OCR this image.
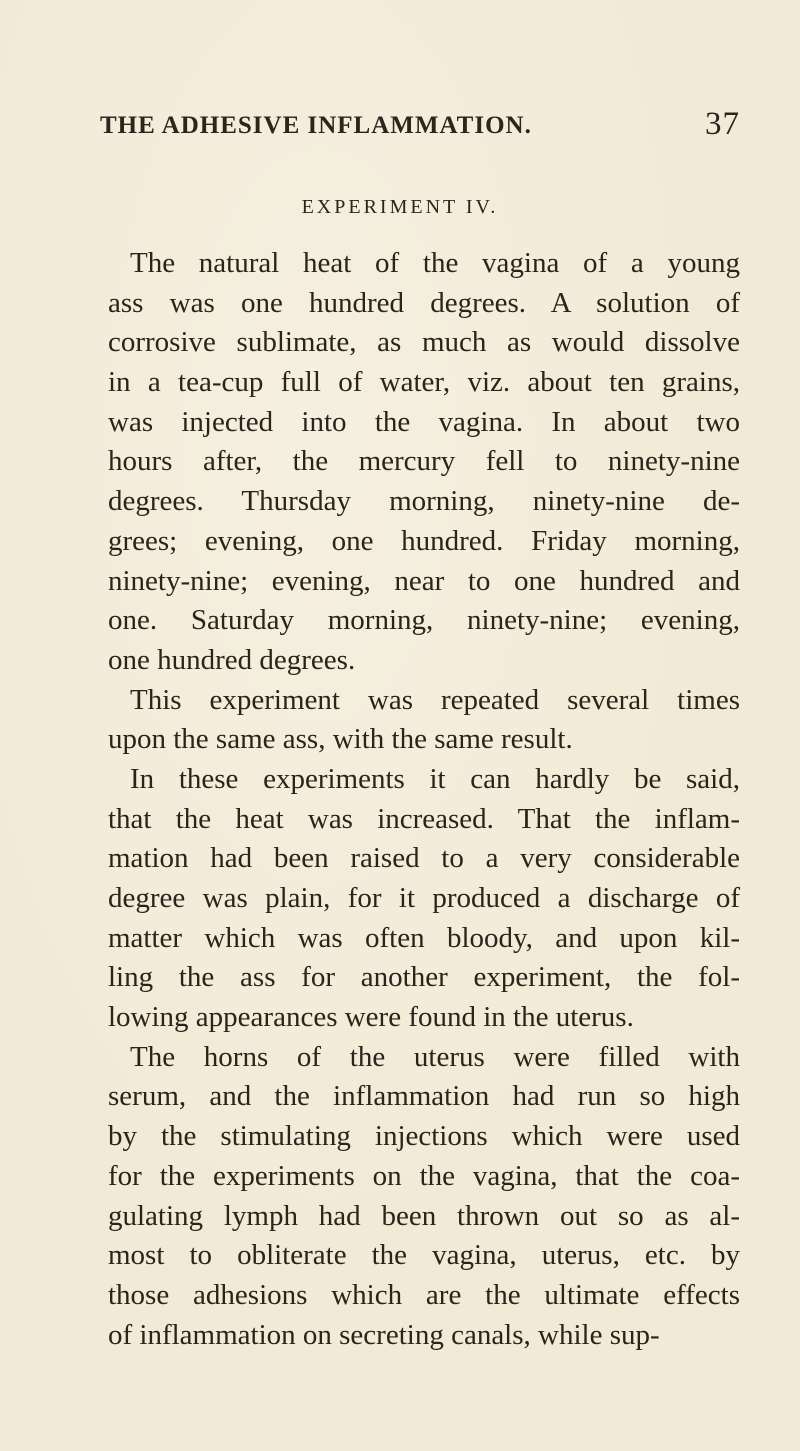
THE ADHESIVE INFLAMMATION.	37
EXPERIMENT IV.
The natural heat of the vagina of a young
ass was one hundred degrees. A solution of
corrosive sublimate, as much as would dissolve
in a tea-cup full of water, viz. about ten grains,
was injected into the vagina. In about two
hours after, the mercury fell to ninety-nine
degrees. Thursday morning, ninety-nine de-
grees; evening, one hundred. Friday morning,
ninety-nine; evening, near to one hundred and
one. Saturday morning, ninety-nine; evening,
one hundred degrees.
This experiment was repeated several times
upon the same ass, with the same result.
In these experiments it can hardly be said,
that the heat was increased. That the inflam-
mation had been raised to a very considerable
degree was plain, for it produced a discharge of
matter which was often bloody, and upon kil-
ling the ass for another experiment, the fol-
lowing appearances were found in the uterus.
The horns of the uterus were filled with
serum, and the inflammation had run so high
by the stimulating injections which were used
for the experiments on the vagina, that the coa-
gulating lymph had been thrown out so as al-
most to obliterate the vagina, uterus, etc. by
those adhesions which are the ultimate effects
of inflammation on secreting canals, while sup-
